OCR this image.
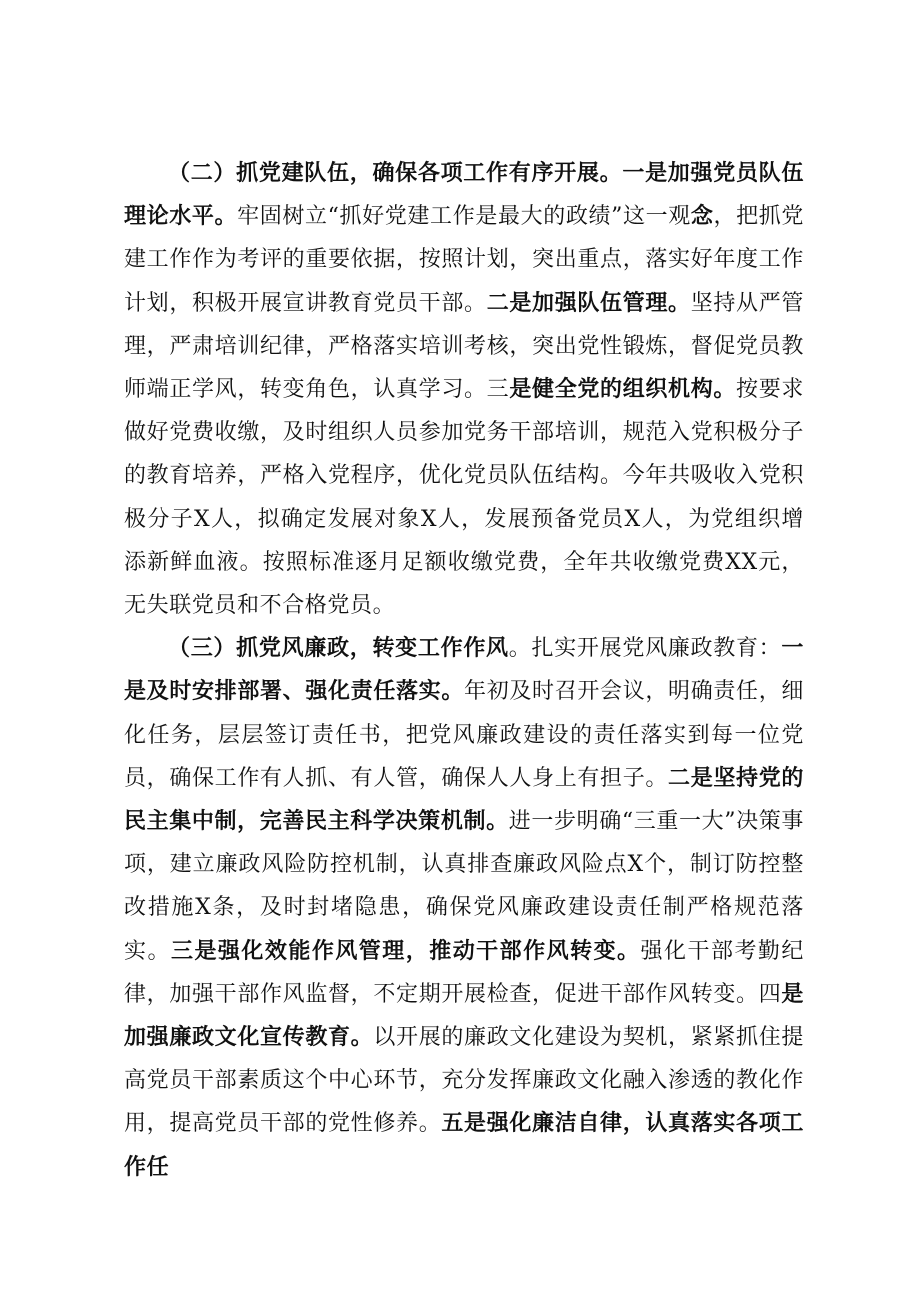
（二）抓党建队伍，确保各项工作有序开展。一是加强党员队伍理论水平。牢固树立“抓好党建工作是最大的政绩”这一观念，把抓党建工作作为考评的重要依据，按照计划，突出重点，落实好年度工作计划，积极开展宣讲教育党员干部。二是加强队伍管理。坚持从严管理，严肃培训纪律，严格落实培训考核，突出党性锻炼，督促党员教师端正学风，转变角色，认真学习。三是健全党的组织机构。按要求做好党费收缴，及时组织人员参加党务干部培训，规范入党积极分子的教育培养，严格入党程序，优化党员队伍结构。今年共吸收入党积极分子X人，拟确定发展对象X人，发展预备党员X人，为党组织增添新鲜血液。按照标准逐月足额收缴党费，全年共收缴党费XX元，无失联党员和不合格党员。

（三）抓党风廉政，转变工作作风。扎实开展党风廉政教育：一是及时安排部署、强化责任落实。年初及时召开会议，明确责任，细化任务，层层签订责任书，把党风廉政建设的责任落实到每一位党员，确保工作有人抓、有人管，确保人人身上有担子。二是坚持党的民主集中制，完善民主科学决策机制。进一步明确“三重一大”决策事项，建立廉政风险防控机制，认真排查廉政风险点X个，制订防控整改措施X条，及时封堵隐患，确保党风廉政建设责任制严格规范落实。三是强化效能作风管理，推动干部作风转变。强化干部考勤纪律，加强干部作风监督，不定期开展检查，促进干部作风转变。四是加强廉政文化宣传教育。以开展的廉政文化建设为契机，紧紧抓住提高党员干部素质这个中心环节，充分发挥廉政文化融入渗透的教化作用，提高党员干部的党性修养。五是强化廉洁自律，认真落实各项工作任
